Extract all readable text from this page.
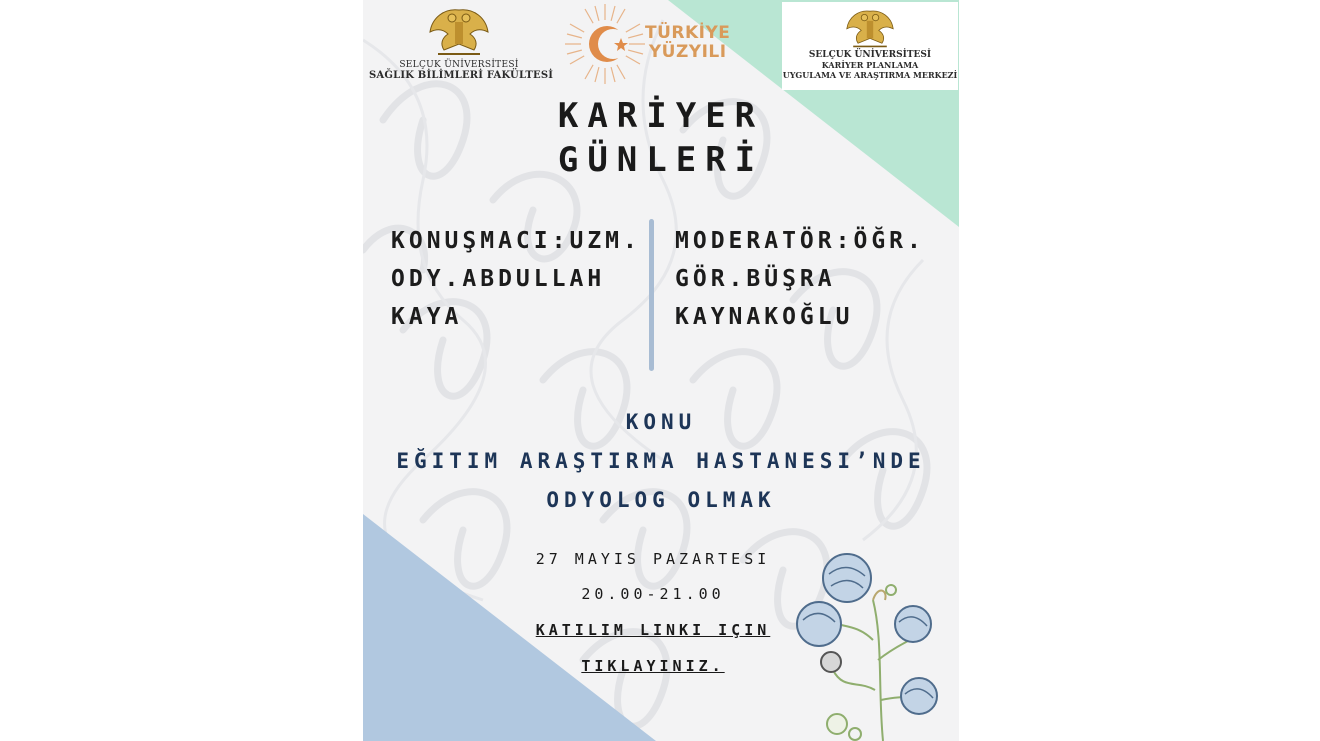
SELÇUK ÜNİVERSİTESİ
SAĞLIK BİLİMLERİ FAKÜLTESİ
TÜRKİYE
YÜZYILI	SELÇUK ÜNİVERSİTESİ
KARİYER PLANLAMA
UYGULAMA VE ARAŞTIRMA MERKEZİ
KARİYER
GÜNLERİ
KONUŞMACI:UZM.
ODY.ABDULLAH
KAYA
MODERATÖR:ÖĞR.
GÖR.BÜŞRA
KAYNAKOĞLU
KONU
EĞITIM ARAŞTIRMA HASTANESI’NDE
ODYOLOG OLMAK
27 MAYIS PAZARTESI
20.00-21.00
KATILIM LINKI IÇIN
TIKLAYINIZ.
